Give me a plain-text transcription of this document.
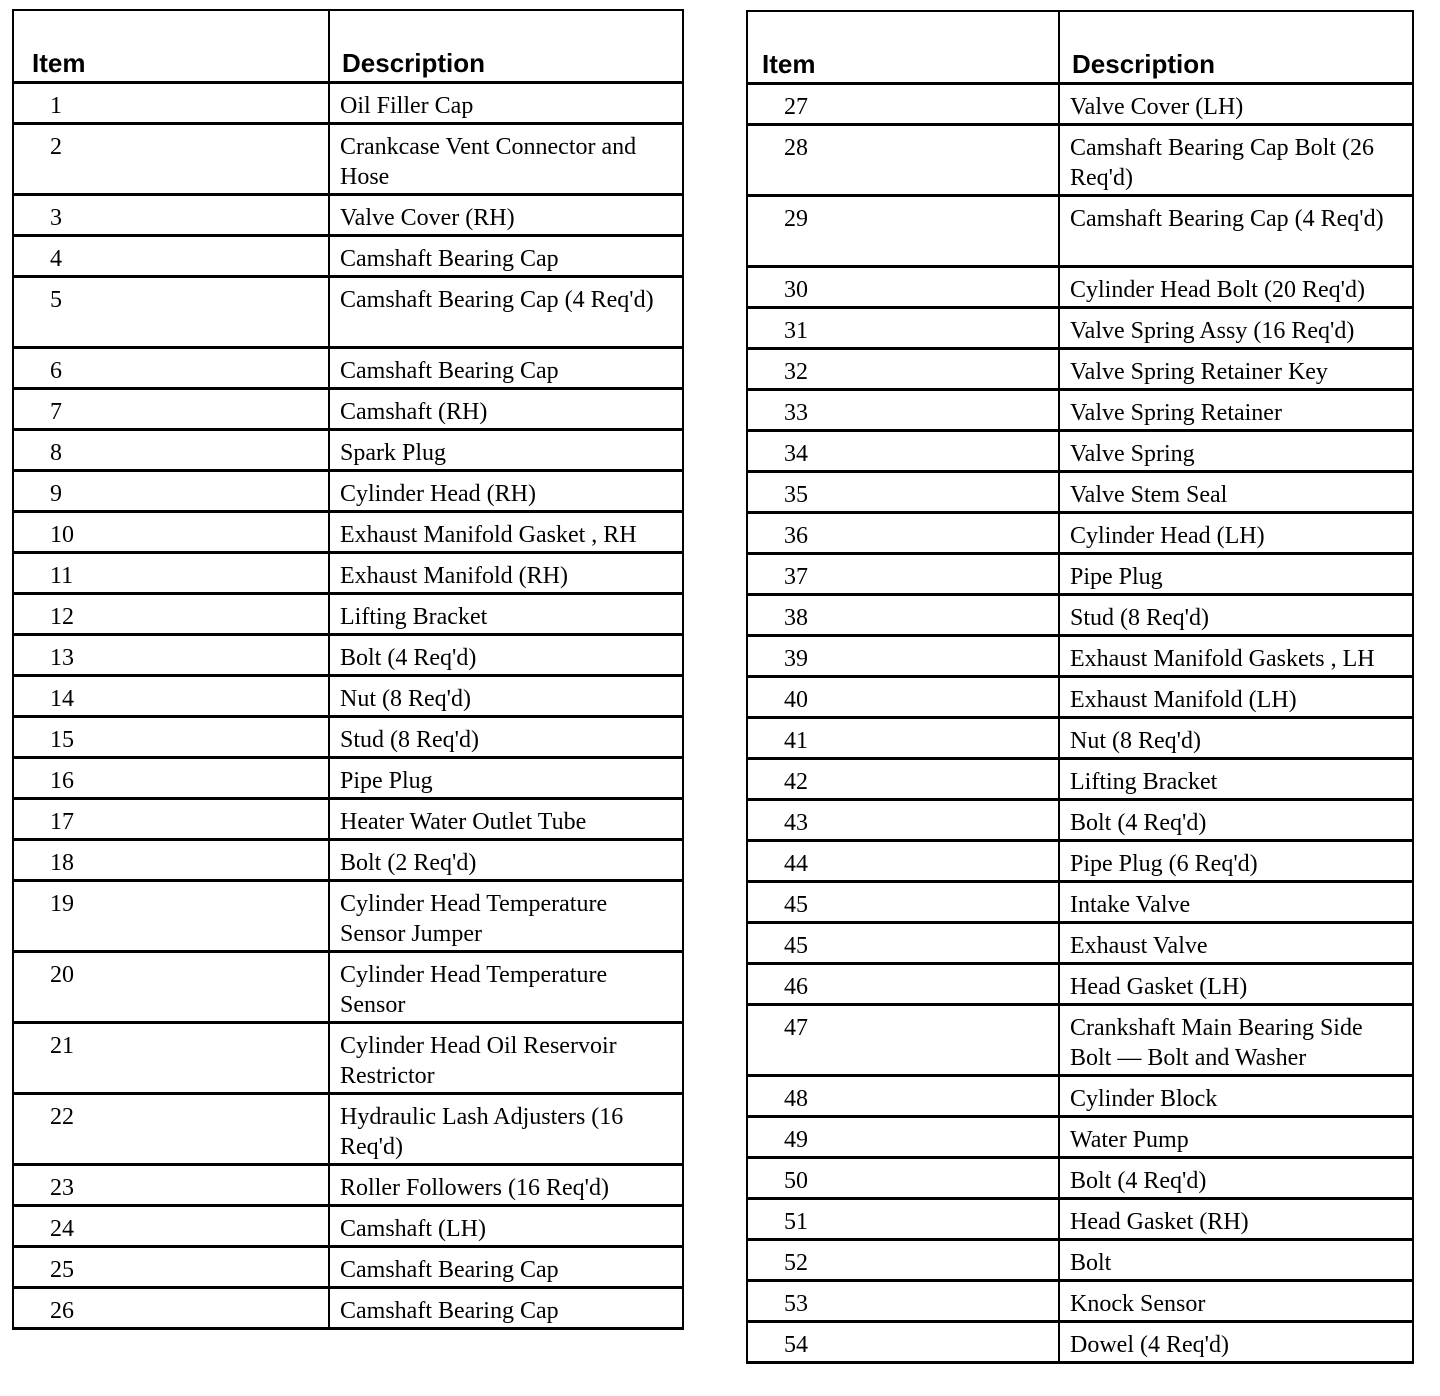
Item	Description
1	Oil Filler Cap
2	Crankcase Vent Connector and Hose
3	Valve Cover (RH)
4	Camshaft Bearing Cap
5	Camshaft Bearing Cap (4 Req'd)
6	Camshaft Bearing Cap
7	Camshaft (RH)
8	Spark Plug
9	Cylinder Head (RH)
10	Exhaust Manifold Gasket , RH
11	Exhaust Manifold (RH)
12	Lifting Bracket
13	Bolt (4 Req'd)
14	Nut (8 Req'd)
15	Stud (8 Req'd)
16	Pipe Plug
17	Heater Water Outlet Tube
18	Bolt (2 Req'd)
19	Cylinder Head Temperature Sensor Jumper
20	Cylinder Head Temperature Sensor
21	Cylinder Head Oil Reservoir Restrictor
22	Hydraulic Lash Adjusters (16 Req'd)
23	Roller Followers (16 Req'd)
24	Camshaft (LH)
25	Camshaft Bearing Cap
26	Camshaft Bearing Cap
Item	Description
27	Valve Cover (LH)
28	Camshaft Bearing Cap Bolt (26 Req'd)
29	Camshaft Bearing Cap (4 Req'd)
30	Cylinder Head Bolt (20 Req'd)
31	Valve Spring Assy (16 Req'd)
32	Valve Spring Retainer Key
33	Valve Spring Retainer
34	Valve Spring
35	Valve Stem Seal
36	Cylinder Head (LH)
37	Pipe Plug
38	Stud (8 Req'd)
39	Exhaust Manifold Gaskets , LH
40	Exhaust Manifold (LH)
41	Nut (8 Req'd)
42	Lifting Bracket
43	Bolt (4 Req'd)
44	Pipe Plug (6 Req'd)
45	Intake Valve
45	Exhaust Valve
46	Head Gasket (LH)
47	Crankshaft Main Bearing Side Bolt — Bolt and Washer
48	Cylinder Block
49	Water Pump
50	Bolt (4 Req'd)
51	Head Gasket (RH)
52	Bolt
53	Knock Sensor
54	Dowel (4 Req'd)
